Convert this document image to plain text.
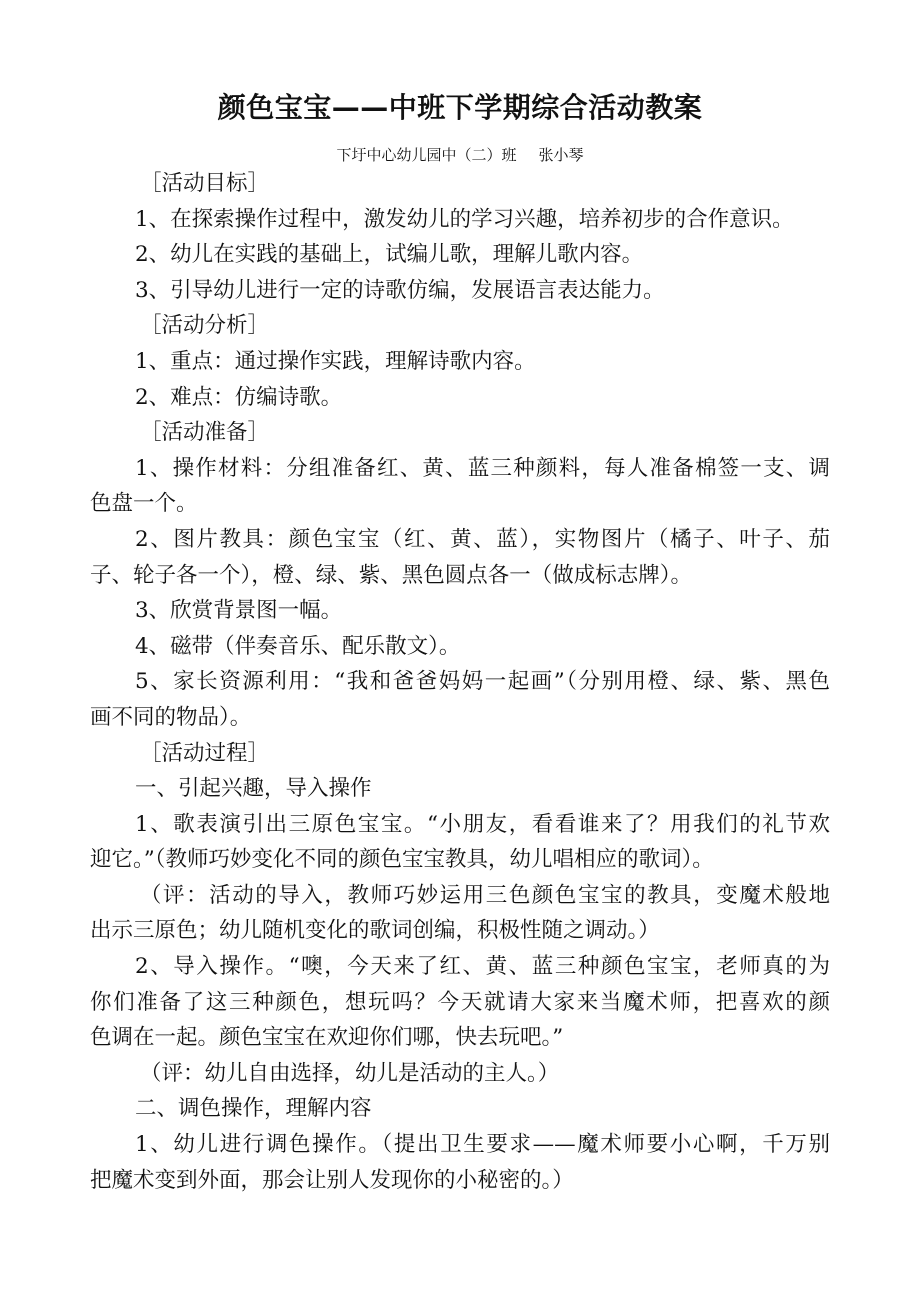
颜色宝宝——中班下学期综合活动教案
下圩中心幼儿园中（二）班 张小琴
［活动目标］
1、在探索操作过程中，激发幼儿的学习兴趣，培养初步的合作意识。
2、幼儿在实践的基础上，试编儿歌，理解儿歌内容。
3、引导幼儿进行一定的诗歌仿编，发展语言表达能力。
［活动分析］
1、重点：通过操作实践，理解诗歌内容。
2、难点：仿编诗歌。
［活动准备］
1、操作材料：分组准备红、黄、蓝三种颜料，每人准备棉签一支、调
色盘一个。
2、图片教具：颜色宝宝（红、黄、蓝），实物图片（橘子、叶子、茄
子、轮子各一个），橙、绿、紫、黑色圆点各一（做成标志牌）。
3、欣赏背景图一幅。
4、磁带（伴奏音乐、配乐散文）。
5、家长资源利用：“我和爸爸妈妈一起画”（分别用橙、绿、紫、黑色
画不同的物品）。
［活动过程］
一、引起兴趣，导入操作
1、歌表演引出三原色宝宝。“小朋友，看看谁来了？用我们的礼节欢
迎它。”（教师巧妙变化不同的颜色宝宝教具，幼儿唱相应的歌词）。
（评：活动的导入，教师巧妙运用三色颜色宝宝的教具，变魔术般地
出示三原色；幼儿随机变化的歌词创编，积极性随之调动。）
2、导入操作。“噢，今天来了红、黄、蓝三种颜色宝宝，老师真的为
你们准备了这三种颜色，想玩吗？今天就请大家来当魔术师，把喜欢的颜
色调在一起。颜色宝宝在欢迎你们哪，快去玩吧。”
（评：幼儿自由选择，幼儿是活动的主人。）
二、调色操作，理解内容
1、幼儿进行调色操作。（提出卫生要求——魔术师要小心啊，千万别
把魔术变到外面，那会让别人发现你的小秘密的。）
